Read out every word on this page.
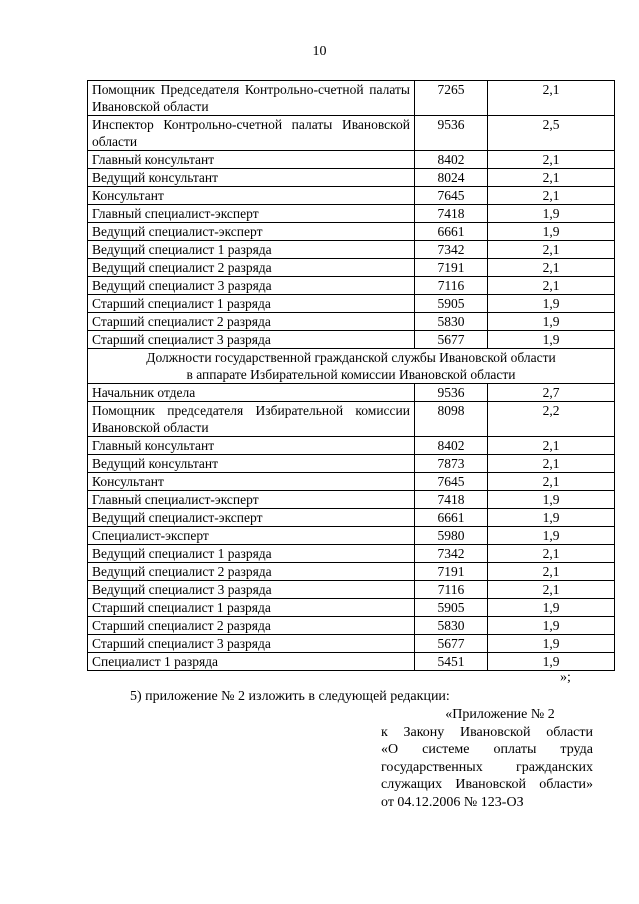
10
Помощник Председателя Контрольно-счетной палаты Ивановской области	7265	2,1
Инспектор Контрольно-счетной палаты Ивановской области	9536	2,5
Главный консультант	8402	2,1
Ведущий консультант	8024	2,1
Консультант	7645	2,1
Главный специалист-эксперт	7418	1,9
Ведущий специалист-эксперт	6661	1,9
Ведущий специалист 1 разряда	7342	2,1
Ведущий специалист 2 разряда	7191	2,1
Ведущий специалист 3 разряда	7116	2,1
Старший специалист 1 разряда	5905	1,9
Старший специалист 2 разряда	5830	1,9
Старший специалист 3 разряда	5677	1,9

Должности государственной гражданской службы Ивановской области
в аппарате Избирательной комиссии Ивановской области		

Начальник отдела	9536	2,7
Помощник председателя Избирательной комиссии Ивановской области	8098	2,2
Главный консультант	8402	2,1
Ведущий консультант	7873	2,1
Консультант	7645	2,1
Главный специалист-эксперт	7418	1,9
Ведущий специалист-эксперт	6661	1,9
Специалист-эксперт	5980	1,9
Ведущий специалист 1 разряда	7342	2,1
Ведущий специалист 2 разряда	7191	2,1
Ведущий специалист 3 разряда	7116	2,1
Старший специалист 1 разряда	5905	1,9
Старший специалист 2 разряда	5830	1,9
Старший специалист 3 разряда	5677	1,9
Специалист 1 разряда	5451	1,9
»;
5) приложение № 2 изложить в следующей редакции:
«Приложение № 2
к Закону Ивановской области
«О системе оплаты труда
государственных гражданских
служащих Ивановской области»
от 04.12.2006 № 123-ОЗ
